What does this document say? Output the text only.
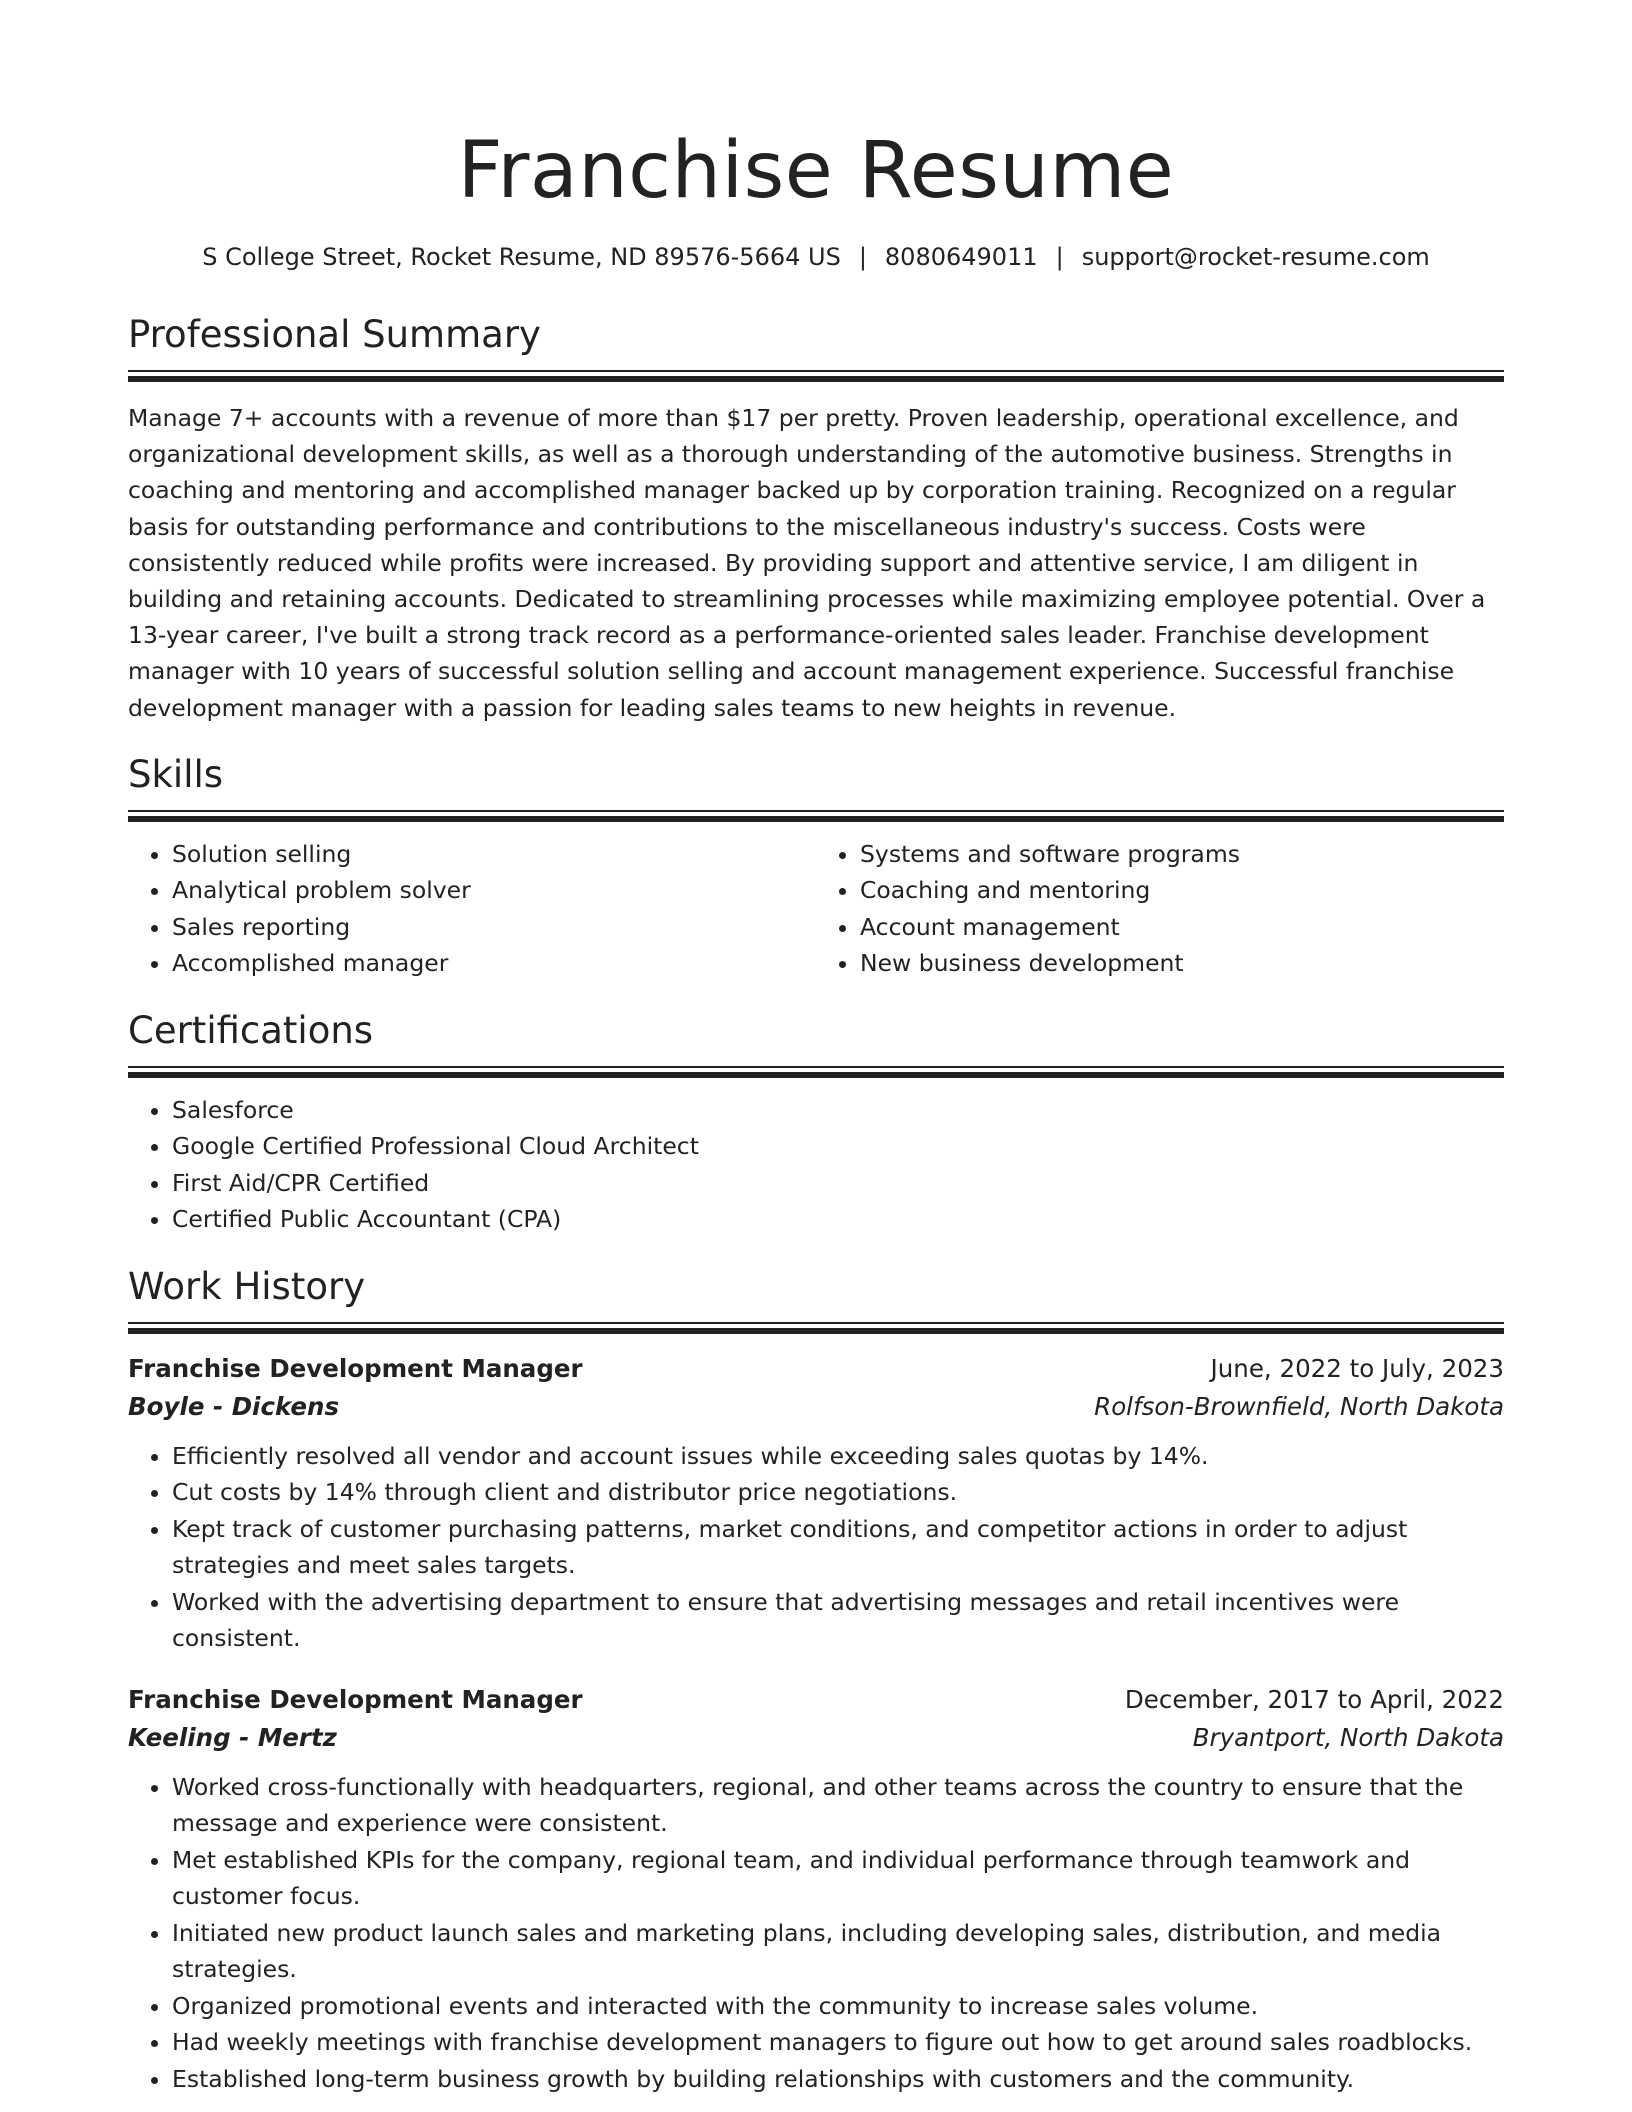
Franchise Resume
S College Street, Rocket Resume, ND 89576-5664 US | 8080649011 | support@rocket-resume.com
Professional Summary
Manage 7+ accounts with a revenue of more than $17 per pretty. Proven leadership, operational excellence, and organizational development skills, as well as a thorough understanding of the automotive business. Strengths in coaching and mentoring and accomplished manager backed up by corporation training. Recognized on a regular basis for outstanding performance and contributions to the miscellaneous industry's success. Costs were consistently reduced while profits were increased. By providing support and attentive service, I am diligent in building and retaining accounts. Dedicated to streamlining processes while maximizing employee potential. Over a 13-year career, I've built a strong track record as a performance-oriented sales leader. Franchise development manager with 10 years of successful solution selling and account management experience. Successful franchise development manager with a passion for leading sales teams to new heights in revenue.
Skills
• Solution selling
• Analytical problem solver
• Sales reporting
• Accomplished manager
• Systems and software programs
• Coaching and mentoring
• Account management
• New business development
Certifications
• Salesforce
• Google Certified Professional Cloud Architect
• First Aid/CPR Certified
• Certified Public Accountant (CPA)
Work History
Franchise Development Manager	June, 2022 to July, 2023
Boyle - Dickens	Rolfson-Brownfield, North Dakota
• Efficiently resolved all vendor and account issues while exceeding sales quotas by 14%.
• Cut costs by 14% through client and distributor price negotiations.
• Kept track of customer purchasing patterns, market conditions, and competitor actions in order to adjust strategies and meet sales targets.
• Worked with the advertising department to ensure that advertising messages and retail incentives were consistent.
Franchise Development Manager	December, 2017 to April, 2022
Keeling - Mertz	Bryantport, North Dakota
• Worked cross-functionally with headquarters, regional, and other teams across the country to ensure that the message and experience were consistent.
• Met established KPIs for the company, regional team, and individual performance through teamwork and customer focus.
• Initiated new product launch sales and marketing plans, including developing sales, distribution, and media strategies.
• Organized promotional events and interacted with the community to increase sales volume.
• Had weekly meetings with franchise development managers to figure out how to get around sales roadblocks.
• Established long-term business growth by building relationships with customers and the community.
